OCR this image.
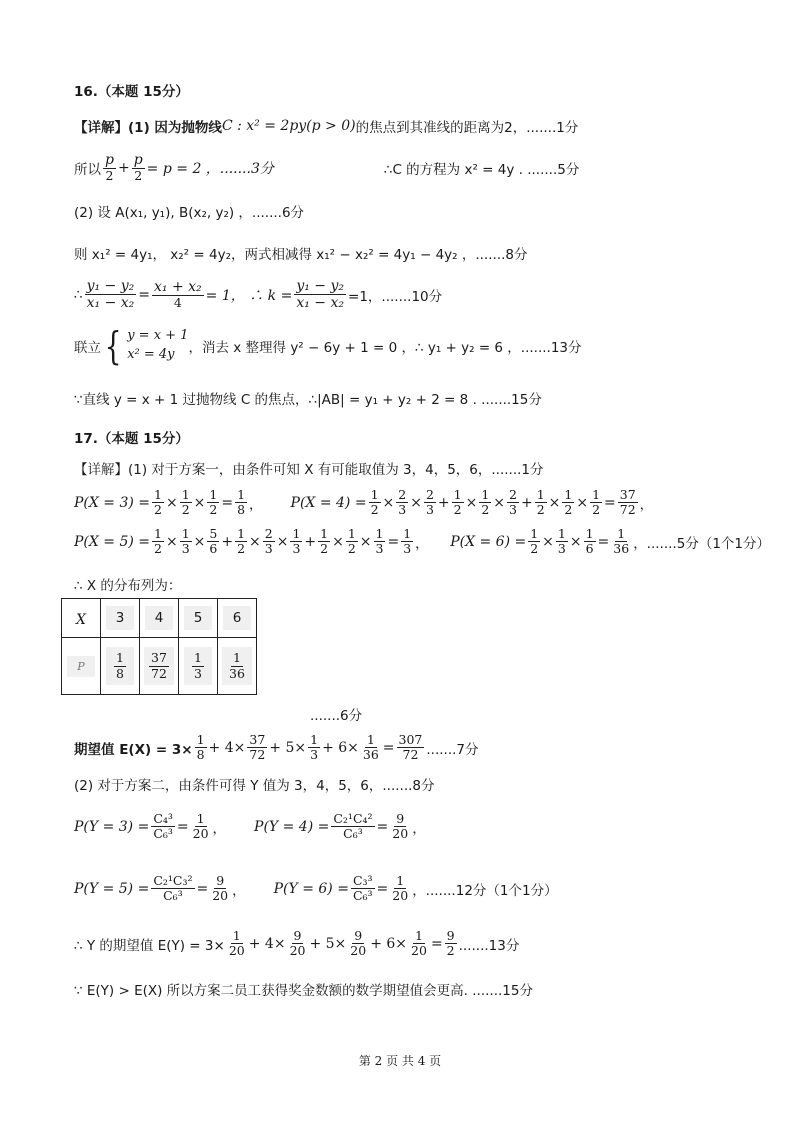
16.（本题 15分）
【详解】(1) 因为抛物线 C : x² = 2py(p > 0) 的焦点到其准线的距离为2，.......1分
所以 $\frac{p}{2} + \frac{p}{2} = p = 2$ ，.......3分	∴C 的方程为 x² = 4y . .......5分
(2) 设 A(x₁, y₁), B(x₂, y₂) ，.......6分
则 x₁² = 4y₁， x₂² = 4y₂，两式相减得 x₁² − x₂² = 4y₁ − 4y₂ ，.......8分
∴ $\frac{\text{y₁ − y₂}}{\text{x₁ − x₂}} = \frac{\text{x₁ + x₂}}{4} = 1$， ∴ $k = \frac{\text{y₁ − y₂}}{\text{x₁ − x₂}} =1$，.......10分
联立 { y = x + 1
x² = 4y	，消去 x 整理得 y² − 6y + 1 = 0 ，∴ y₁ + y₂ = 6 ，.......13分
∵直线 y = x + 1 过抛物线 C 的焦点，∴|AB| = y₁ + y₂ + 2 = 8 . .......15分
17.（本题 15分）
【详解】(1) 对于方案一，由条件可知 X 有可能取值为 3，4，5，6，.......1分
$P(X = 3) = \frac{1}{2} \times \frac{1}{2} \times \frac{1}{2} = \frac{1}{8}$ ， $P(X = 4) = \frac{1}{2} \times \frac{2}{3} \times \frac{2}{3} + \frac{1}{2} \times \frac{1}{2} \times \frac{2}{3} + \frac{1}{2} \times \frac{1}{2} \times \frac{1}{2} = \frac{37}{72}$ ，
$P(X = 5) = \frac{1}{2} \times \frac{1}{3} \times \frac{5}{6} + \frac{1}{2} \times \frac{2}{3} \times \frac{1}{3} + \frac{1}{2} \times \frac{1}{2} \times \frac{1}{3} = \frac{1}{3}$ ， $P(X = 6) = \frac{1}{2} \times \frac{1}{3} \times \frac{1}{6} = \frac{1}{36}$ ，.......5分（1个1分）
∴ X 的分布列为：
X	3	4	5	6
P	$\frac{1}{8}$	$\frac{37}{72}$	$\frac{1}{3}$	$\frac{1}{36}$
.......6分
期望值 $E(X) = 3\times \frac{1}{8} + 4\times \frac{37}{72} + 5\times \frac{1}{3} + 6\times \frac{1}{36} = \frac{307}{72} .......7$分
(2) 对于方案二，由条件可得 Y 值为 3，4，5，6，.......8分
$P(Y = 3) = \frac{\text{C₄³}}{\text{C₆³}} = \frac{1}{20}$ ， $P(Y = 4) = \frac{\text{C₂¹C₄²}}{\text{C₆³}} = \frac{9}{20}$ ，
$P(Y = 5) = \frac{\text{C₂¹C₃²}}{\text{C₆³}} = \frac{9}{20}$ ， $P(Y = 6) = \frac{\text{C₃³}}{\text{C₆³}} = \frac{1}{20}$ ，.......12分（1个1分）
∴ Y 的期望值 $E(Y) = 3\times \frac{1}{20} + 4\times \frac{9}{20} + 5\times \frac{9}{20} + 6\times \frac{1}{20} = \frac{9}{2} .......13$分
∵ E(Y) > E(X) 所以方案二员工获得奖金数额的数学期望值会更高. .......15分
第 2 页 共 4 页
